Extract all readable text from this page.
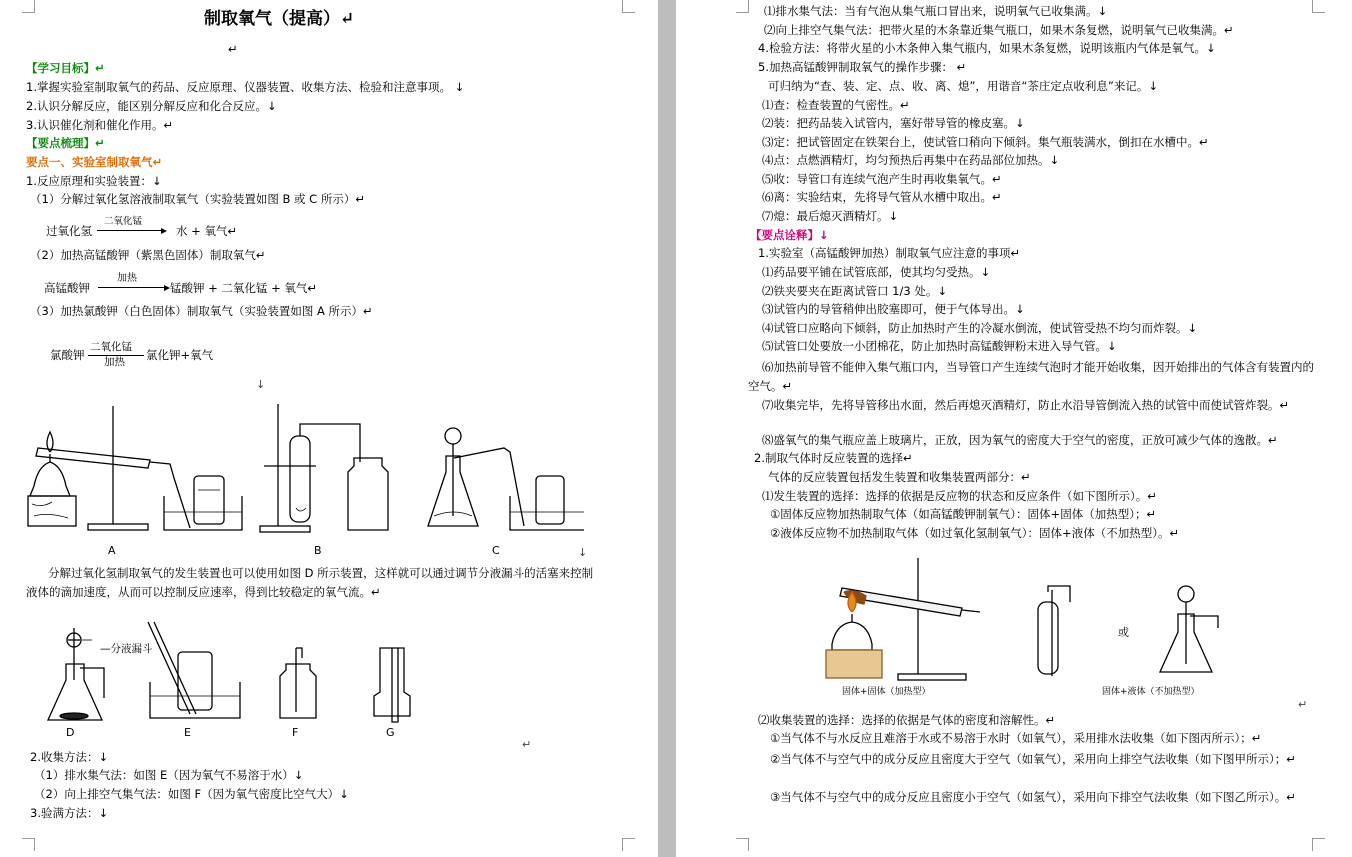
制取氧气（提高）↵
↵
【学习目标】↵
1.掌握实验室制取氧气的药品、反应原理、仪器装置、收集方法、检验和注意事项。 ↓
2.认识分解反应，能区别分解反应和化合反应。↓
3.认识催化剂和催化作用。↵
【要点梳理】↵
要点一、实验室制取氧气↵
1.反应原理和实验装置：↓
（1）分解过氧化氢溶液制取氧气（实验装置如图 B 或 C 所示）↵
过氧化氢
二氧化锰
水 + 氧气↵
（2）加热高锰酸钾（紫黑色固体）制取氧气↵
高锰酸钾
加热
锰酸钾 + 二氧化锰 + 氧气↵
（3）加热氯酸钾（白色固体）制取氧气（实验装置如图 A 所示）↵
氯酸钾
二氧化锰
加热 氯化钾+氧气
↓
A	B	C	↓
分解过氧化氢制取氧气的发生装置也可以使用如图 D 所示装置，这样就可以通过调节分液漏斗的活塞来控制液体的滴加速度，从而可以控制反应速率，得到比较稳定的氧气流。↵
—分液漏斗
D	E	F	G
↵
2.收集方法：↓
（1）排水集气法：如图 E（因为氧气不易溶于水）↓
（2）向上排空气集气法：如图 F（因为氧气密度比空气大）↓
3.验满方法：↓
⑴排水集气法：当有气泡从集气瓶口冒出来，说明氧气已收集满。↓
⑵向上排空气集气法：把带火星的木条靠近集气瓶口，如果木条复燃，说明氧气已收集满。↵
4.检验方法：将带火星的小木条伸入集气瓶内，如果木条复燃，说明该瓶内气体是氧气。↓
5.加热高锰酸钾制取氧气的操作步骤： ↵
可归纳为“查、装、定、点、收、离、熄”，用谐音“茶庄定点收利息”来记。↓
⑴查：检查装置的气密性。↵
⑵装：把药品装入试管内，塞好带导管的橡皮塞。↓
⑶定：把试管固定在铁架台上，使试管口稍向下倾斜。集气瓶装满水，倒扣在水槽中。↵
⑷点：点燃酒精灯，均匀预热后再集中在药品部位加热。↓
⑸收：导管口有连续气泡产生时再收集氧气。↵
⑹离：实验结束，先将导气管从水槽中取出。↵
⑺熄：最后熄灭酒精灯。↓
【要点诠释】↓
1.实验室（高锰酸钾加热）制取氧气应注意的事项↵
⑴药品要平铺在试管底部，使其均匀受热。↓
⑵铁夹要夹在距离试管口 1/3 处。↓
⑶试管内的导管稍伸出胶塞即可，便于气体导出。↓
⑷试管口应略向下倾斜，防止加热时产生的冷凝水倒流，使试管受热不均匀而炸裂。↓
⑸试管口处要放一小团棉花，防止加热时高锰酸钾粉末进入导气管。↓
⑹加热前导管不能伸入集气瓶口内，当导管口产生连续气泡时才能开始收集，因开始排出的气体含有装置内的空气。↵
⑺收集完毕，先将导管移出水面，然后再熄灭酒精灯，防止水沿导管倒流入热的试管中而使试管炸裂。↵
⑻盛氧气的集气瓶应盖上玻璃片，正放，因为氧气的密度大于空气的密度，正放可减少气体的逸散。↵
2.制取气体时反应装置的选择↵
气体的反应装置包括发生装置和收集装置两部分：↵
⑴发生装置的选择：选择的依据是反应物的状态和反应条件（如下图所示）。↵
①固体反应物加热制取气体（如高锰酸钾制氧气）：固体+固体（加热型）；↵
②液体反应物不加热制取气体（如过氧化氢制氧气）：固体+液体（不加热型）。↵
或
固体+固体（加热型）	固体+液体（不加热型）
↵
⑵收集装置的选择：选择的依据是气体的密度和溶解性。↵
①当气体不与水反应且难溶于水或不易溶于水时（如氧气），采用排水法收集（如下图丙所示）；↵
②当气体不与空气中的成分反应且密度大于空气（如氧气），采用向上排空气法收集（如下图甲所示）；↵
③当气体不与空气中的成分反应且密度小于空气（如氢气），采用向下排空气法收集（如下图乙所示）。↵
